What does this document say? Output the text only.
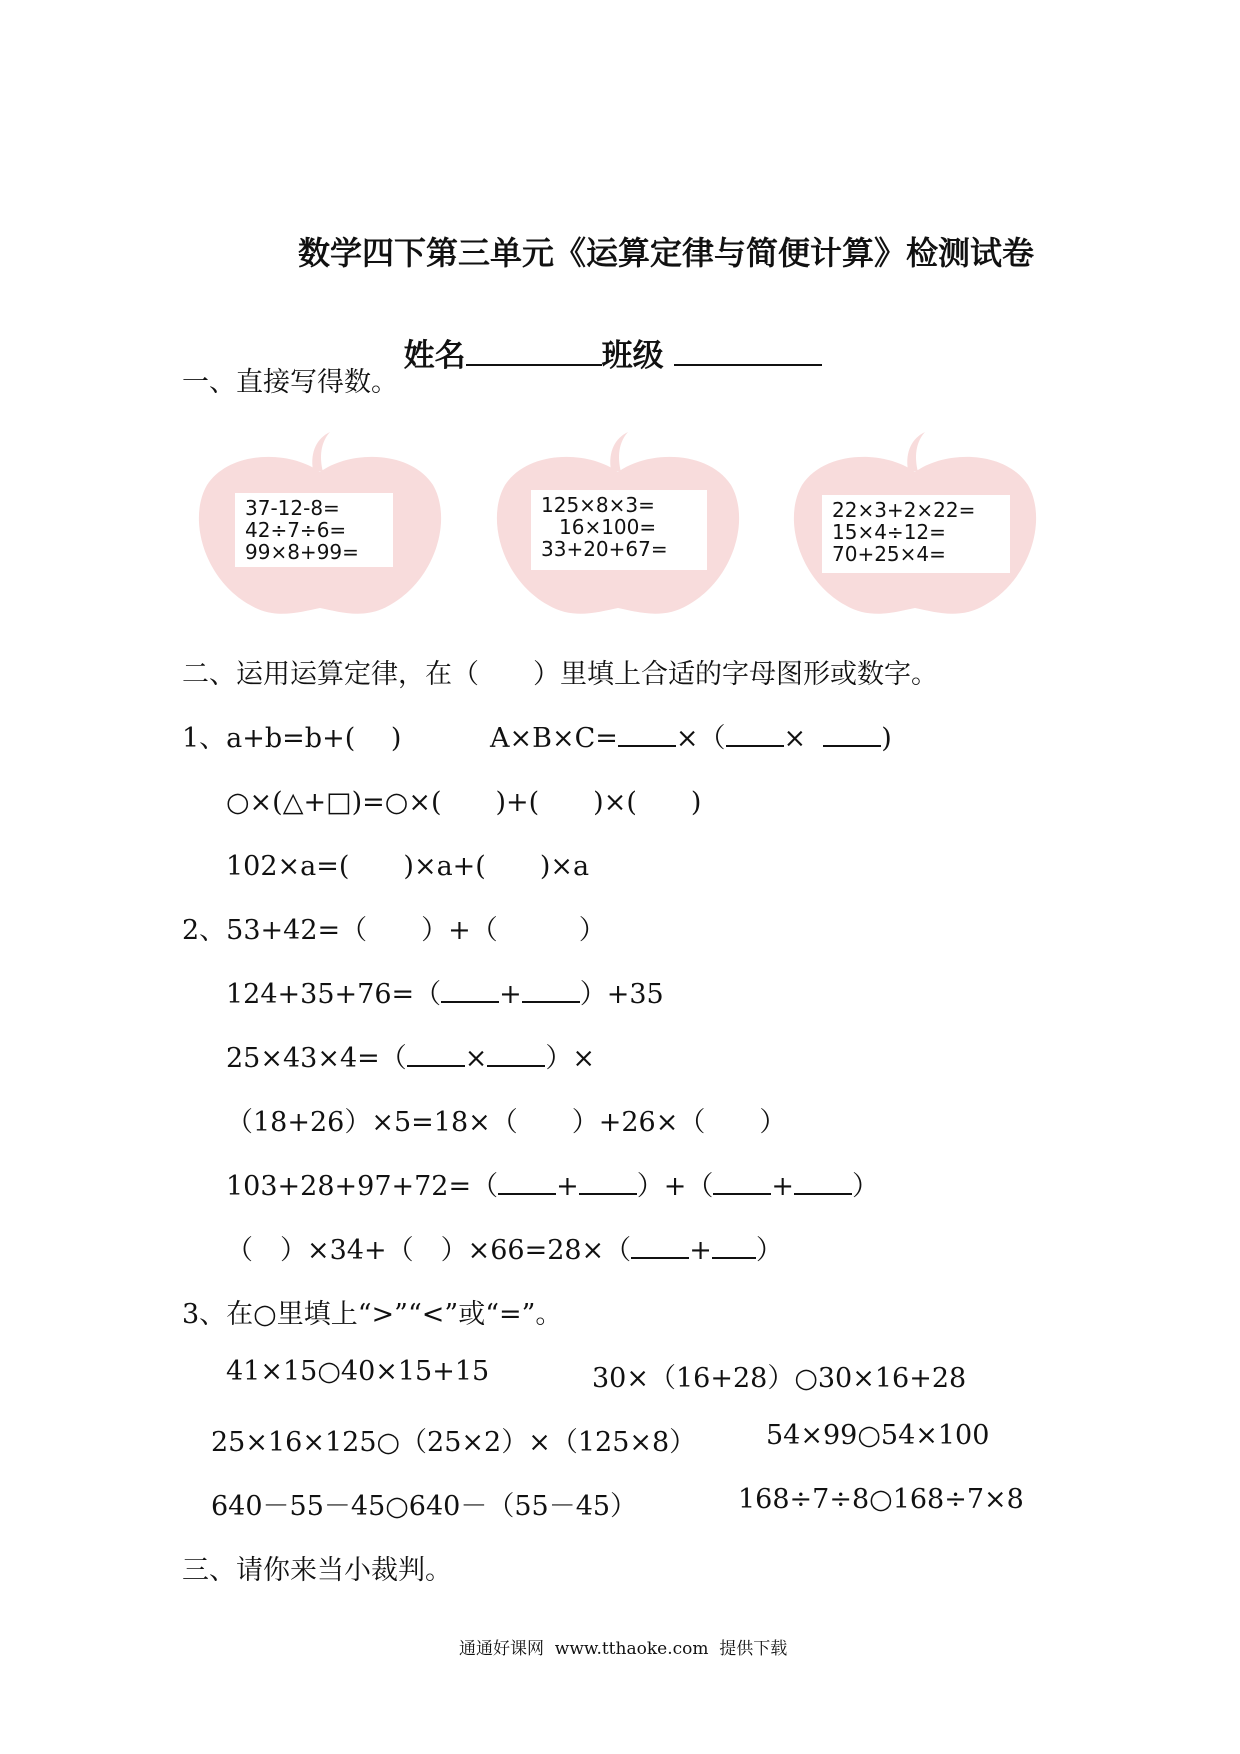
数学四下第三单元《运算定律与简便计算》检测试卷

姓名	班级

一、直接写得数。
37-12-8=
42÷7÷6=
99×8+99=
125×8×3=
16×100=
33+20+67=
22×3+2×22=
15×4÷12=
70+25×4=
二、运用运算定律，在（　　）里填上合适的字母图形或数字。
1、a+b=b+(　 )	A×B×C= ×（ ×	)
○×(△+□)=○×(　　)+(　　)×(　　)
102×a=(　　)×a+(　　)×a
2、53+42=（　　）+（　　　）
124+35+76=（ + ）+35
25×43×4=（ × ）×
（18+26）×5=18×（　　）+26×（　　）
103+28+97+72=（ + ）+（ + ）
（　）×34+（　）×66=28×（ + ）
3、在○里填上“>”“<”或“=”。
41×15○40×15+15	30×（16+28）○30×16+28
25×16×125○（25×2）×（125×8）	54×99○54×100
640－55－45○640－（55－45）	168÷7÷8○168÷7×8
三、请你来当小裁判。
通通好课网  www.tthaoke.com  提供下载
